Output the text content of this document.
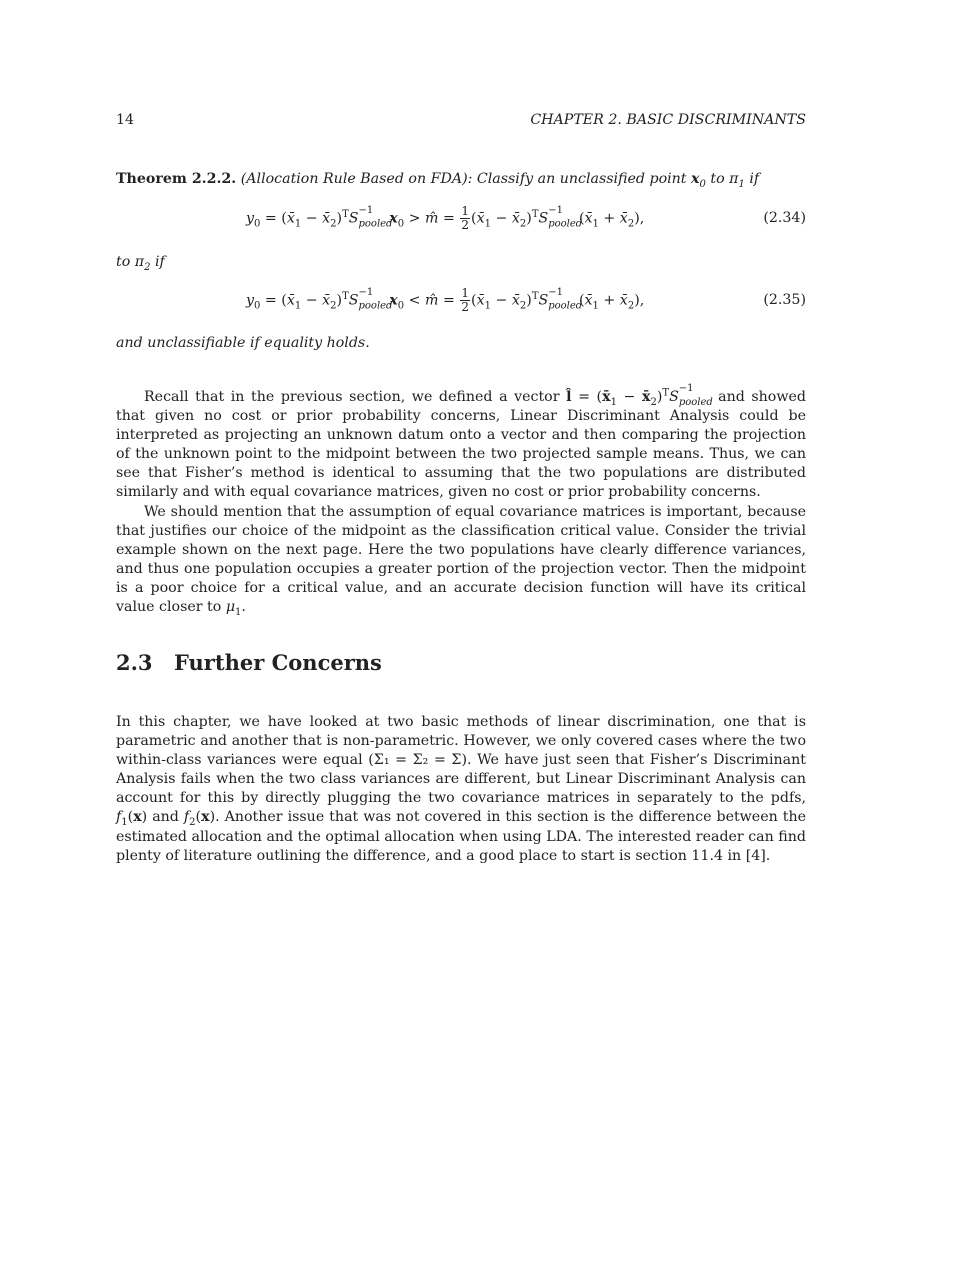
14	CHAPTER 2. BASIC DISCRIMINANTS
Theorem 2.2.2. (Allocation Rule Based on FDA): Classify an unclassified point $x_0$ to $\pi_1$ if
$y_0$ = ($x̄_1$ − $x̄_2)^TS_{pooled}^{-1}x_0$ > m̂ = $\frac{1}{2}$ ($x̄_1$ − $x̄_2)^TS_{pooled}^{-1}(x̄_1$ + $x̄_2$),	(2.34)
to $\pi_2$ if
$y_0$ = ($x̄_1$ − $x̄_2)^TS_{pooled}^{-1}x_0$ < m̂ = $\frac{1}{2}$ ($x̄_1$ − $x̄_2)^TS_{pooled}^{-1}(x̄_1$ + $x̄_2$),	(2.35)
and unclassifiable if equality holds.

Recall that in the previous section, we defined a vector l̂ = ($x̄_1$ − $x̄_2)^TS_{pooled}^{-1}$ and showed that given no cost or prior probability concerns, Linear Discriminant Analysis could be interpreted as projecting an unknown datum onto a vector and then comparing the projection of the unknown point to the midpoint between the two projected sample means. Thus, we can see that Fisher’s method is identical to assuming that the two populations are distributed similarly and with equal covariance matrices, given no cost or prior probability concerns.

We should mention that the assumption of equal covariance matrices is important, because that justifies our choice of the midpoint as the classification critical value. Consider the trivial example shown on the next page. Here the two populations have clearly difference variances, and thus one population occupies a greater portion of the projection vector. Then the midpoint is a poor choice for a critical value, and an accurate decision function will have its critical value closer to $\mu_1$.

2.3 Further Concerns

In this chapter, we have looked at two basic methods of linear discrimination, one that is parametric and another that is non-parametric. However, we only covered cases where the two within-class variances were equal (Σ₁ = Σ₂ = Σ). We have just seen that Fisher’s Discriminant Analysis fails when the two class variances are different, but Linear Discriminant Analysis can account for this by directly plugging the two covariance matrices in separately to the pdfs, $f_1(x)$ and $f_2(x)$. Another issue that was not covered in this section is the difference between the estimated allocation and the optimal allocation when using LDA. The interested reader can find plenty of literature outlining the difference, and a good place to start is section 11.4 in [4].
